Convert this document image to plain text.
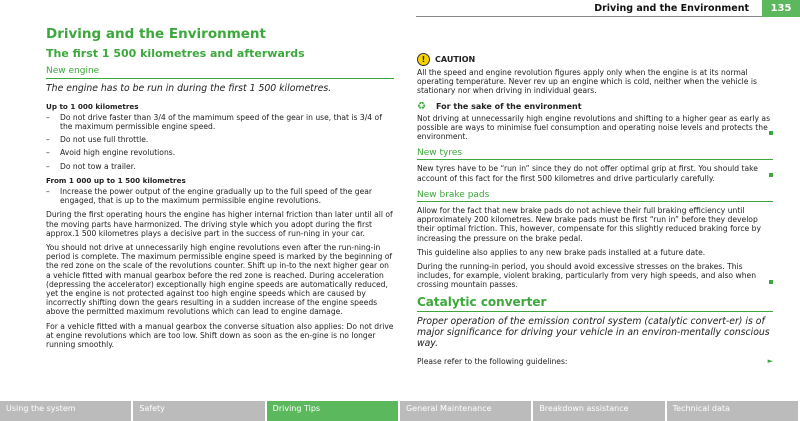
Driving and the Environment	135
Driving and the Environment
The first 1 500 kilometres and afterwards
New engine

The engine has to be run in during the first 1 500 kilometres.

Up to 1 000 kilometres

– Do not drive faster than 3/4 of the mamimum speed of the gear in use, that is 3/4 of the maximum permissible engine speed.
– Do not use full throttle.
– Avoid high engine revolutions.
– Do not tow a trailer.

From 1 000 up to 1 500 kilometres

– Increase the power output of the engine gradually up to the full speed of the gear engaged, that is up to the maximum permissible engine revolutions.

During the first operating hours the engine has higher internal friction than later until all of the moving parts have harmonized. The driving style which you adopt during the first approx.1 500 kilometres plays a decisive part in the success of run-ning in your car.

You should not drive at unnecessarily high engine revolutions even after the run-ning-in period is complete. The maximum permissible engine speed is marked by the beginning of the red zone on the scale of the revolutions counter. Shift up in-to the next higher gear on a vehicle fitted with manual gearbox before the red zone is reached. During acceleration (depressing the accelerator) exceptionally high engine speeds are automatically reduced, yet the engine is not protected against too high engine speeds which are caused by incorrectly shifting down the gears resulting in a sudden increase of the engine speeds above the permitted maximum revolutions which can lead to engine damage.

For a vehicle fitted with a manual gearbox the converse situation also applies: Do not drive at engine revolutions which are too low. Shift down as soon as the en-gine is no longer running smoothly.

!	CAUTION

All the speed and engine revolution figures apply only when the engine is at its normal operating temperature. Never rev up an engine which is cold, neither when the vehicle is stationary nor when driving in individual gears.

♻	For the sake of the environment

Not driving at unnecessarily high engine revolutions and shifting to a higher gear as early as possible are ways to minimise fuel consumption and operating noise levels and protects the environment.

New tyres

New tyres have to be “run in” since they do not offer optimal grip at first. You should take account of this fact for the first 500 kilometres and drive particularly carefully.

New brake pads

Allow for the fact that new brake pads do not achieve their full braking efficiency until approximately 200 kilometres. New brake pads must be first “run in” before they develop their optimal friction. This, however, compensate for this slightly reduced braking force by increasing the pressure on the brake pedal.

This guideline also applies to any new brake pads installed at a future date.

During the running-in period, you should avoid excessive stresses on the brakes. This includes, for example, violent braking, particularly from very high speeds, and also when crossing mountain passes.

Catalytic converter

Proper operation of the emission control system (catalytic convert-er) is of major significance for driving your vehicle in an environ-mentally conscious way.

Please refer to the following guidelines:	►
Using the system	Safety	Driving Tips	General Maintenance	Breakdown assistance	Technical data
